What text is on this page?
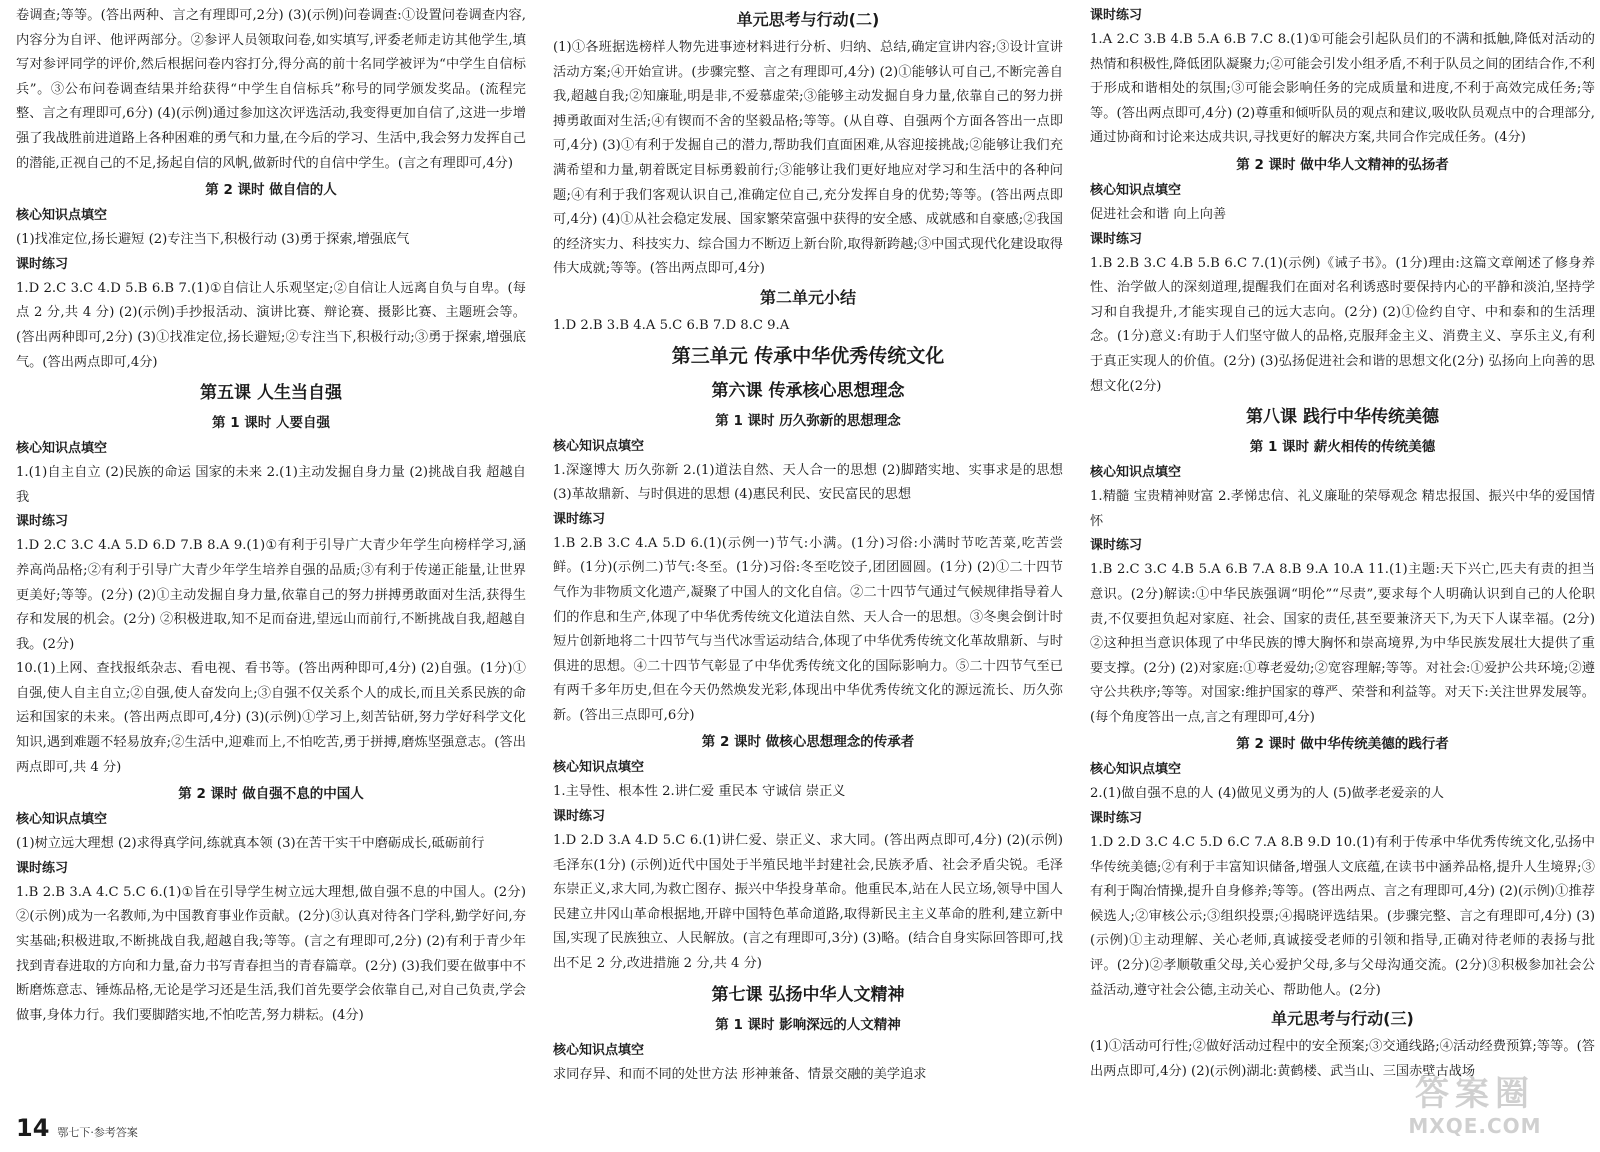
卷调查;等等。(答出两种、言之有理即可,2分) (3)(示例)问卷调查:①设置问卷调查内容,内容分为自评、他评两部分。②参评人员领取问卷,如实填写,评委老师走访其他学生,填写对参评同学的评价,然后根据问卷内容打分,得分高的前十名同学被评为“中学生自信标兵”。③公布问卷调查结果并给获得“中学生自信标兵”称号的同学颁发奖品。(流程完整、言之有理即可,6分) (4)(示例)通过参加这次评选活动,我变得更加自信了,这进一步增强了我战胜前进道路上各种困难的勇气和力量,在今后的学习、生活中,我会努力发挥自己的潜能,正视自己的不足,扬起自信的风帆,做新时代的自信中学生。(言之有理即可,4分)
第 2 课时 做自信的人
核心知识点填空
(1)找准定位,扬长避短 (2)专注当下,积极行动 (3)勇于探索,增强底气
课时练习
1.D 2.C 3.C 4.D 5.B 6.B 7.(1)①自信让人乐观坚定;②自信让人远离自负与自卑。(每点 2 分,共 4 分) (2)(示例)手抄报活动、演讲比赛、辩论赛、摄影比赛、主题班会等。(答出两种即可,2分) (3)①找准定位,扬长避短;②专注当下,积极行动;③勇于探索,增强底气。(答出两点即可,4分)
第五课 人生当自强
第 1 课时 人要自强
核心知识点填空
1.(1)自主自立 (2)民族的命运 国家的未来 2.(1)主动发掘自身力量 (2)挑战自我 超越自我
课时练习
1.D 2.C 3.C 4.A 5.D 6.D 7.B 8.A 9.(1)①有利于引导广大青少年学生向榜样学习,涵养高尚品格;②有利于引导广大青少年学生培养自强的品质;③有利于传递正能量,让世界更美好;等等。(2分) (2)①主动发掘自身力量,依靠自己的努力拼搏勇敢面对生活,获得生存和发展的机会。(2分) ②积极进取,知不足而奋进,望远山而前行,不断挑战自我,超越自我。(2分)
10.(1)上网、查找报纸杂志、看电视、看书等。(答出两种即可,4分) (2)自强。(1分)①自强,使人自主自立;②自强,使人奋发向上;③自强不仅关系个人的成长,而且关系民族的命运和国家的未来。(答出两点即可,4分) (3)(示例)①学习上,刻苦钻研,努力学好科学文化知识,遇到难题不轻易放弃;②生活中,迎难而上,不怕吃苦,勇于拼搏,磨炼坚强意志。(答出两点即可,共 4 分)
第 2 课时 做自强不息的中国人
核心知识点填空
(1)树立远大理想 (2)求得真学问,练就真本领 (3)在苦干实干中磨砺成长,砥砺前行
课时练习
1.B 2.B 3.A 4.C 5.C 6.(1)①旨在引导学生树立远大理想,做自强不息的中国人。(2分)②(示例)成为一名教师,为中国教育事业作贡献。(2分)③认真对待各门学科,勤学好问,夯实基础;积极进取,不断挑战自我,超越自我;等等。(言之有理即可,2分) (2)有利于青少年找到青春进取的方向和力量,奋力书写青春担当的青春篇章。(2分) (3)我们要在做事中不断磨炼意志、锤炼品格,无论是学习还是生活,我们首先要学会依靠自己,对自己负责,学会做事,身体力行。我们要脚踏实地,不怕吃苦,努力耕耘。(4分)
单元思考与行动(二)
(1)①各班据选榜样人物先进事迹材料进行分析、归纳、总结,确定宣讲内容;③设计宣讲活动方案;④开始宣讲。(步骤完整、言之有理即可,4分) (2)①能够认可自己,不断完善自我,超越自我;②知廉耻,明是非,不爱慕虚荣;③能够主动发掘自身力量,依靠自己的努力拼搏勇敢面对生活;④有锲而不舍的坚毅品格;等等。(从自尊、自强两个方面各答出一点即可,4分) (3)①有利于发掘自己的潜力,帮助我们直面困难,从容迎接挑战;②能够让我们充满希望和力量,朝着既定目标勇毅前行;③能够让我们更好地应对学习和生活中的各种问题;④有利于我们客观认识自己,准确定位自己,充分发挥自身的优势;等等。(答出两点即可,4分) (4)①从社会稳定发展、国家繁荣富强中获得的安全感、成就感和自豪感;②我国的经济实力、科技实力、综合国力不断迈上新台阶,取得新跨越;③中国式现代化建设取得伟大成就;等等。(答出两点即可,4分)
第二单元小结
1.D 2.B 3.B 4.A 5.C 6.B 7.D 8.C 9.A
第三单元 传承中华优秀传统文化
第六课 传承核心思想理念
第 1 课时 历久弥新的思想理念
核心知识点填空
1.深邃博大 历久弥新 2.(1)道法自然、天人合一的思想 (2)脚踏实地、实事求是的思想 (3)革故鼎新、与时俱进的思想 (4)惠民利民、安民富民的思想
课时练习
1.B 2.B 3.C 4.A 5.D 6.(1)(示例一)节气:小满。(1分)习俗:小满时节吃苦菜,吃苦尝鲜。(1分)(示例二)节气:冬至。(1分)习俗:冬至吃饺子,团团圆圆。(1分) (2)①二十四节气作为非物质文化遗产,凝聚了中国人的文化自信。②二十四节气通过气候规律指导着人们的作息和生产,体现了中华优秀传统文化道法自然、天人合一的思想。③冬奥会倒计时短片创新地将二十四节气与当代冰雪运动结合,体现了中华优秀传统文化革故鼎新、与时俱进的思想。④二十四节气彰显了中华优秀传统文化的国际影响力。⑤二十四节气至已有两千多年历史,但在今天仍然焕发光彩,体现出中华优秀传统文化的源远流长、历久弥新。(答出三点即可,6分)
第 2 课时 做核心思想理念的传承者
核心知识点填空
1.主导性、根本性 2.讲仁爱 重民本 守诚信 崇正义
课时练习
1.D 2.D 3.A 4.D 5.C 6.(1)讲仁爱、崇正义、求大同。(答出两点即可,4分) (2)(示例)毛泽东(1分) (示例)近代中国处于半殖民地半封建社会,民族矛盾、社会矛盾尖锐。毛泽东崇正义,求大同,为救亡图存、振兴中华投身革命。他重民本,站在人民立场,领导中国人民建立井冈山革命根据地,开辟中国特色革命道路,取得新民主主义革命的胜利,建立新中国,实现了民族独立、人民解放。(言之有理即可,3分) (3)略。(结合自身实际回答即可,找出不足 2 分,改进措施 2 分,共 4 分)
第七课 弘扬中华人文精神
第 1 课时 影响深远的人文精神
核心知识点填空
求同存异、和而不同的处世方法 形神兼备、情景交融的美学追求
课时练习
1.A 2.C 3.B 4.B 5.A 6.B 7.C 8.(1)①可能会引起队员们的不满和抵触,降低对活动的热情和积极性,降低团队凝聚力;②可能会引发小组矛盾,不利于队员之间的团结合作,不利于形成和谐相处的氛围;③可能会影响任务的完成质量和进度,不利于高效完成任务;等等。(答出两点即可,4分) (2)尊重和倾听队员的观点和建议,吸收队员观点中的合理部分,通过协商和讨论来达成共识,寻找更好的解决方案,共同合作完成任务。(4分)
第 2 课时 做中华人文精神的弘扬者
核心知识点填空
促进社会和谐 向上向善
课时练习
1.B 2.B 3.C 4.B 5.B 6.C 7.(1)(示例)《诫子书》。(1分)理由:这篇文章阐述了修身养性、治学做人的深刻道理,提醒我们在面对名利诱惑时要保持内心的平静和淡泊,坚持学习和自我提升,才能实现自己的远大志向。(2分) (2)①俭约自守、中和泰和的生活理念。(1分)意义:有助于人们坚守做人的品格,克服拜金主义、消费主义、享乐主义,有利于真正实现人的价值。(2分) (3)弘扬促进社会和谐的思想文化(2分) 弘扬向上向善的思想文化(2分)
第八课 践行中华传统美德
第 1 课时 薪火相传的传统美德
核心知识点填空
1.精髓 宝贵精神财富 2.孝悌忠信、礼义廉耻的荣辱观念 精忠报国、振兴中华的爱国情怀
课时练习
1.B 2.C 3.C 4.B 5.A 6.B 7.A 8.B 9.A 10.A 11.(1)主题:天下兴亡,匹夫有责的担当意识。(2分)解读:①中华民族强调“明伦”“尽责”,要求每个人明确认识到自己的人伦职责,不仅要担负起对家庭、社会、国家的责任,甚至要兼济天下,为天下人谋幸福。(2分)②这种担当意识体现了中华民族的博大胸怀和崇高境界,为中华民族发展壮大提供了重要支撑。(2分) (2)对家庭:①尊老爱幼;②宽容理解;等等。对社会:①爱护公共环境;②遵守公共秩序;等等。对国家:维护国家的尊严、荣誉和利益等。对天下:关注世界发展等。(每个角度答出一点,言之有理即可,4分)
第 2 课时 做中华传统美德的践行者
核心知识点填空
2.(1)做自强不息的人 (4)做见义勇为的人 (5)做孝老爱亲的人
课时练习
1.D 2.D 3.C 4.C 5.D 6.C 7.A 8.B 9.D 10.(1)有利于传承中华优秀传统文化,弘扬中华传统美德;②有利于丰富知识储备,增强人文底蕴,在读书中涵养品格,提升人生境界;③有利于陶冶情操,提升自身修养;等等。(答出两点、言之有理即可,4分) (2)(示例)①推荐候选人;②审核公示;③组织投票;④揭晓评选结果。(步骤完整、言之有理即可,4分) (3)(示例)①主动理解、关心老师,真诚接受老师的引领和指导,正确对待老师的表扬与批评。(2分)②孝顺敬重父母,关心爱护父母,多与父母沟通交流。(2分)③积极参加社会公益活动,遵守社会公德,主动关心、帮助他人。(2分)
单元思考与行动(三)
(1)①活动可行性;②做好活动过程中的安全预案;③交通线路;④活动经费预算;等等。(答出两点即可,4分) (2)(示例)湖北:黄鹤楼、武当山、三国赤壁古战场
14 鄂七下·参考答案
答案圈
MXQE.COM
